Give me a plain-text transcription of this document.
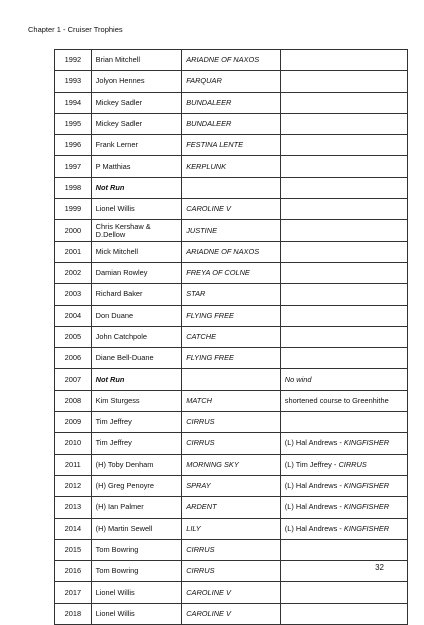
Chapter 1 - Cruiser Trophies
1992	Brian Mitchell	ARIADNE OF NAXOS	
1993	Jolyon Hennes	FARQUAR	
1994	Mickey Sadler	BUNDALEER	
1995	Mickey Sadler	BUNDALEER	
1996	Frank Lerner	FESTINA LENTE	
1997	P Matthias	KERPLUNK	
1998	Not Run		
1999	Lionel Willis	CAROLINE V	
2000	Chris Kershaw & D.Dellow	JUSTINE	
2001	Mick Mitchell	ARIADNE OF NAXOS	
2002	Damian Rowley	FREYA OF COLNE	
2003	Richard Baker	STAR	
2004	Don Duane	FLYING FREE	
2005	John Catchpole	CATCHE	
2006	Diane Bell-Duane	FLYING FREE	
2007	Not Run		No wind
2008	Kim Sturgess	MATCH	shortened course to Greenhithe
2009	Tim Jeffrey	CIRRUS	
2010	Tim Jeffrey	CIRRUS	(L) Hal Andrews - KINGFISHER
2011	(H) Toby Denham	MORNING SKY	(L) Tim Jeffrey - CIRRUS
2012	(H) Greg Penoyre	SPRAY	(L) Hal Andrews - KINGFISHER
2013	(H) Ian Palmer	ARDENT	(L) Hal Andrews - KINGFISHER
2014	(H) Martin Sewell	LILY	(L) Hal Andrews - KINGFISHER
2015	Tom Bowring	CIRRUS	
2016	Tom Bowring	CIRRUS	
2017	Lionel Willis	CAROLINE V	
2018	Lionel Willis	CAROLINE V	
32
